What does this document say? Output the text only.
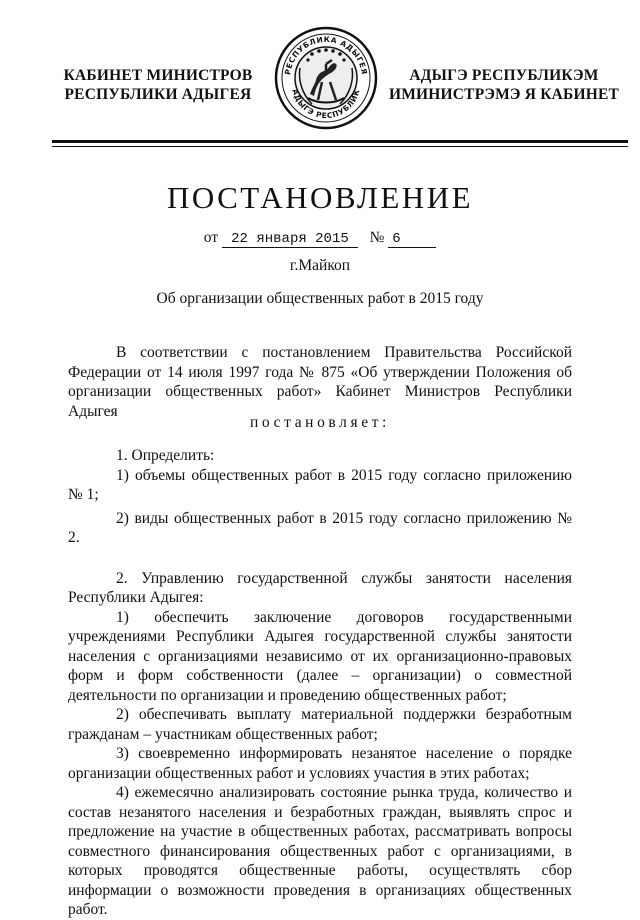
КАБИНЕТ МИНИСТРОВ
РЕСПУБЛИКИ АДЫГЕЯ
РЕСПУБЛИКА АДЫГЕЯ
АДЫГЭ РЕСПУБЛИК
АДЫГЭ РЕСПУБЛИКЭМ
ИМИНИСТРЭМЭ Я КАБИНЕТ
ПОСТАНОВЛЕНИЕ
от 22 января 2015 № 6
г.Майкоп
Об организации общественных работ в 2015 году

В соответствии с постановлением Правительства Российской Федерации от 14 июля 1997 года № 875 «Об утверждении Положения об организации общественных работ» Кабинет Министров Республики Адыгея

постановляет:

1. Определить:

1) объемы общественных работ в 2015 году согласно приложению № 1;

2) виды общественных работ в 2015 году согласно приложению № 2.

2. Управлению государственной службы занятости населения Республики Адыгея:

1) обеспечить заключение договоров государственными учреждениями Республики Адыгея государственной службы занятости населения с организациями независимо от их организационно-правовых форм и форм собственности (далее – организации) о совместной деятельности по организации и проведению общественных работ;

2) обеспечивать выплату материальной поддержки безработным гражданам – участникам общественных работ;

3) своевременно информировать незанятое население о порядке организации общественных работ и условиях участия в этих работах;

4) ежемесячно анализировать состояние рынка труда, количество и состав незанятого населения и безработных граждан, выявлять спрос и предложение на участие в общественных работах, рассматривать вопросы совместного финансирования общественных работ с организациями, в которых проводятся общественные работы, осуществлять сбор информации о возможности проведения в организациях общественных работ.
